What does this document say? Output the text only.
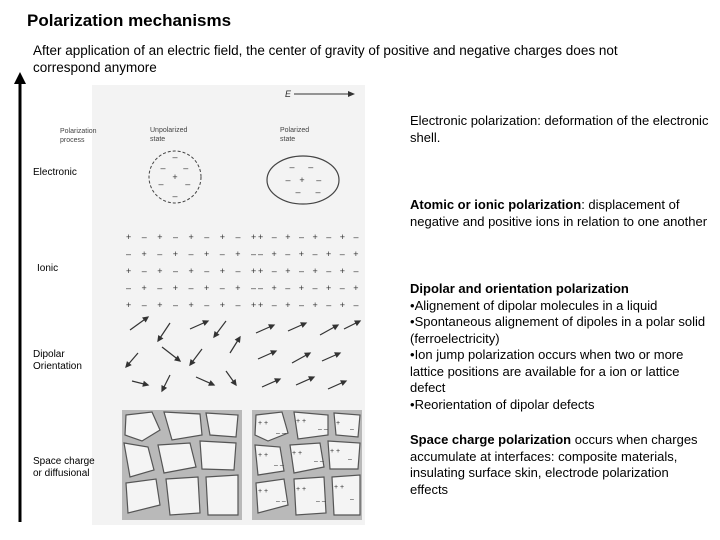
Polarization mechanisms
After application of an electric field, the center of gravity of positive and negative charges does not correspond anymore
E
Polarization process
Unpolarized state
Polarized state
– – – + – – –
– – – + – – –
+ – + – + – + – +
– + – + – + – + –
+ – + – + – + – +
– + – + – + – + –
+ – + – + – + – +
+ – + – + – + –
– + – + – + – +
+ – + – + – + –
– + – + – + – +
+ – + – + – + –
+ +
– –
+ +
– –
+
–
+ +
– –
+ +
– –
+ +
–
+ +
– –
+ +
– –
+ +
–
Electronic
Ionic
Dipolar
Orientation
Space charge
or diffusional
Electronic polarization: deformation of the electronic shell.
Atomic or ionic polarization: displacement of negative and positive ions in relation to one another
Dipolar and orientation polarization
• Alignement of dipolar molecules in a liquid
• Spontaneous alignement of dipoles in a polar solid (ferroelectricity)
• Ion jump polarization occurs when two or more lattice positions are available for a ion or lattice defect
• Reorientation of dipolar defects
Space charge polarization occurs when charges accumulate at interfaces: composite materials, insulating surface skin, electrode polarization effects
